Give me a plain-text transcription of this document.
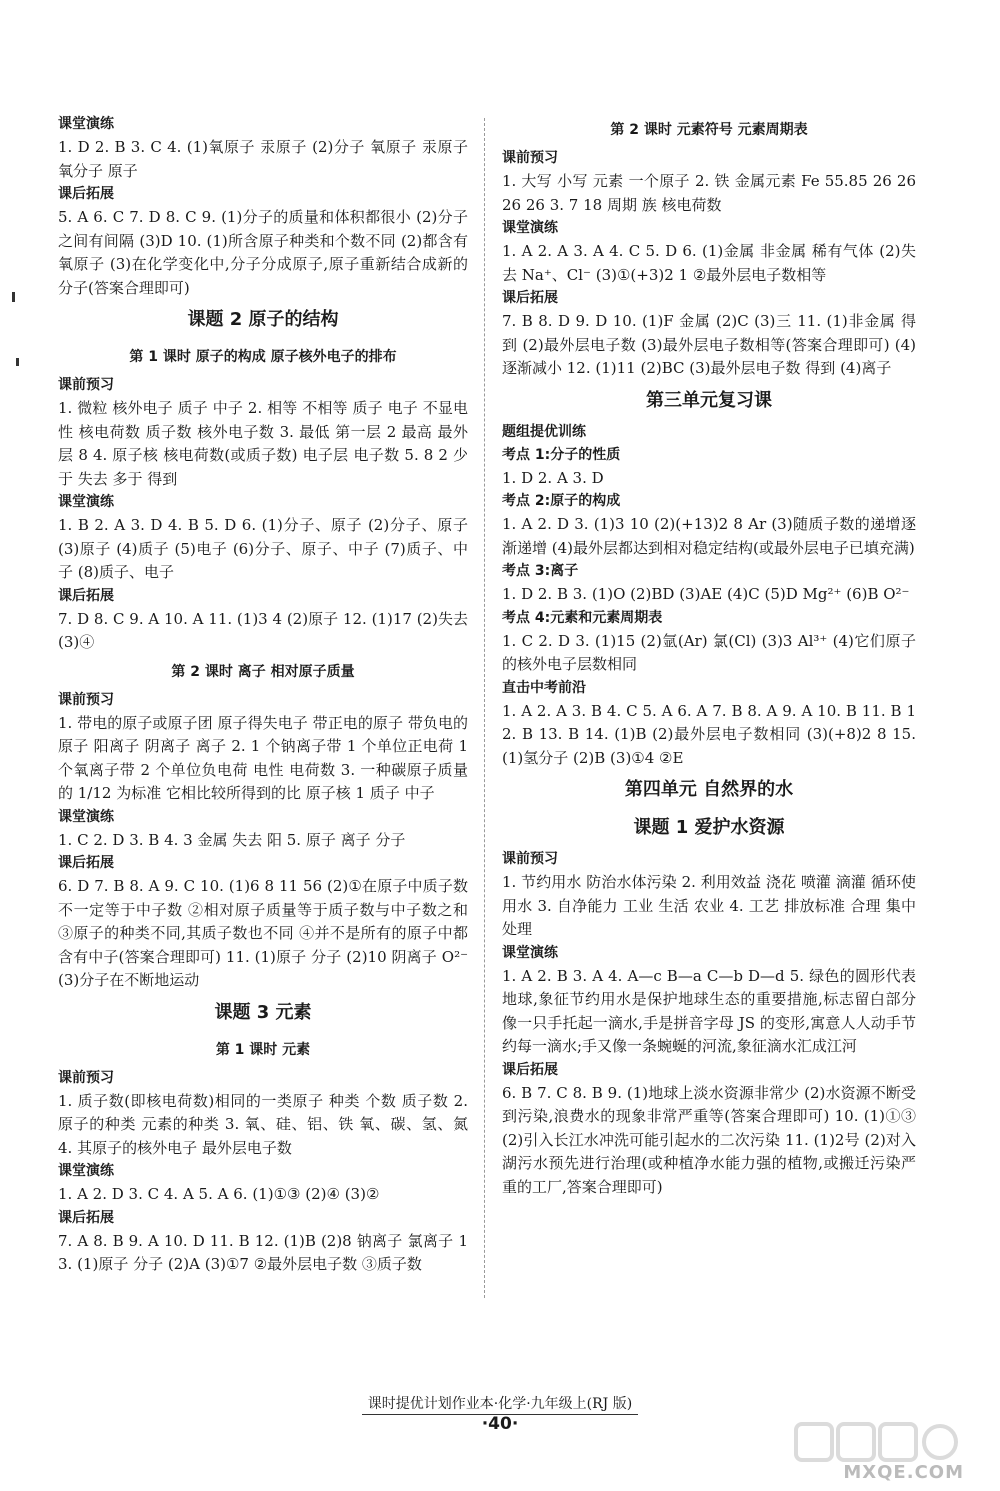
课堂演练
1. D 2. B 3. C 4. (1)氧原子 汞原子 (2)分子 氧原子 汞原子 氧分子 原子
课后拓展
5. A 6. C 7. D 8. C 9. (1)分子的质量和体积都很小 (2)分子之间有间隔 (3)D 10. (1)所含原子种类和个数不同 (2)都含有氧原子 (3)在化学变化中,分子分成原子,原子重新结合成新的分子(答案合理即可)
课题 2 原子的结构
第 1 课时 原子的构成 原子核外电子的排布
课前预习
1. 微粒 核外电子 质子 中子 2. 相等 不相等 质子 电子 不显电性 核电荷数 质子数 核外电子数 3. 最低 第一层 2 最高 最外层 8 4. 原子核 核电荷数(或质子数) 电子层 电子数 5. 8 2 少于 失去 多于 得到
课堂演练
1. B 2. A 3. D 4. B 5. D 6. (1)分子、原子 (2)分子、原子 (3)原子 (4)质子 (5)电子 (6)分子、原子、中子 (7)质子、中子 (8)质子、电子
课后拓展
7. D 8. C 9. A 10. A 11. (1)3 4 (2)原子 12. (1)17 (2)失去 (3)④
第 2 课时 离子 相对原子质量
课前预习
1. 带电的原子或原子团 原子得失电子 带正电的原子 带负电的原子 阳离子 阴离子 离子 2. 1 个钠离子带 1 个单位正电荷 1 个氧离子带 2 个单位负电荷 电性 电荷数 3. 一种碳原子质量的 1/12 为标准 它相比较所得到的比 原子核 1 质子 中子
课堂演练
1. C 2. D 3. B 4. 3 金属 失去 阳 5. 原子 离子 分子
课后拓展
6. D 7. B 8. A 9. C 10. (1)6 8 11 56 (2)①在原子中质子数不一定等于中子数 ②相对原子质量等于质子数与中子数之和 ③原子的种类不同,其质子数也不同 ④并不是所有的原子中都含有中子(答案合理即可) 11. (1)原子 分子 (2)10 阴离子 O²⁻ (3)分子在不断地运动
课题 3 元素
第 1 课时 元素
课前预习
1. 质子数(即核电荷数)相同的一类原子 种类 个数 质子数 2. 原子的种类 元素的种类 3. 氧、硅、铝、铁 氧、碳、氢、氮 4. 其原子的核外电子 最外层电子数
课堂演练
1. A 2. D 3. C 4. A 5. A 6. (1)①③ (2)④ (3)②
课后拓展
7. A 8. B 9. A 10. D 11. B 12. (1)B (2)8 钠离子 氯离子 13. (1)原子 分子 (2)A (3)①7 ②最外层电子数 ③质子数
第 2 课时 元素符号 元素周期表
课前预习
1. 大写 小写 元素 一个原子 2. 铁 金属元素 Fe 55.85 26 26 26 26 3. 7 18 周期 族 核电荷数
课堂演练
1. A 2. A 3. A 4. C 5. D 6. (1)金属 非金属 稀有气体 (2)失去 Na⁺、Cl⁻ (3)①(+3)2 1 ②最外层电子数相等
课后拓展
7. B 8. D 9. D 10. (1)F 金属 (2)C (3)三 11. (1)非金属 得到 (2)最外层电子数 (3)最外层电子数相等(答案合理即可) (4)逐渐减小 12. (1)11 (2)BC (3)最外层电子数 得到 (4)离子
第三单元复习课
题组提优训练
考点 1:分子的性质
1. D 2. A 3. D
考点 2:原子的构成
1. A 2. D 3. (1)3 10 (2)(+13)2 8 Ar (3)随质子数的递增逐渐递增 (4)最外层都达到相对稳定结构(或最外层电子已填充满)
考点 3:离子
1. D 2. B 3. (1)O (2)BD (3)AE (4)C (5)D Mg²⁺ (6)B O²⁻
考点 4:元素和元素周期表
1. C 2. D 3. (1)15 (2)氩(Ar) 氯(Cl) (3)3 Al³⁺ (4)它们原子的核外电子层数相同
直击中考前沿
1. A 2. A 3. B 4. C 5. A 6. A 7. B 8. A 9. A 10. B 11. B 12. B 13. B 14. (1)B (2)最外层电子数相同 (3)(+8)2 8 15. (1)氢分子 (2)B (3)①4 ②E
第四单元 自然界的水
课题 1 爱护水资源
课前预习
1. 节约用水 防治水体污染 2. 利用效益 浇花 喷灌 滴灌 循环使用水 3. 自净能力 工业 生活 农业 4. 工艺 排放标准 合理 集中处理
课堂演练
1. A 2. B 3. A 4. A—c B—a C—b D—d 5. 绿色的圆形代表地球,象征节约用水是保护地球生态的重要措施,标志留白部分像一只手托起一滴水,手是拼音字母 JS 的变形,寓意人人动手节约每一滴水;手又像一条蜿蜒的河流,象征滴水汇成江河
课后拓展
6. B 7. C 8. B 9. (1)地球上淡水资源非常少 (2)水资源不断受到污染,浪费水的现象非常严重等(答案合理即可) 10. (1)①③ (2)引入长江水冲洗可能引起水的二次污染 11. (1)2号 (2)对入湖污水预先进行治理(或种植净水能力强的植物,或搬迁污染严重的工厂,答案合理即可)
课时提优计划作业本·化学·九年级上(RJ 版)
·40·
MXQE.COM
